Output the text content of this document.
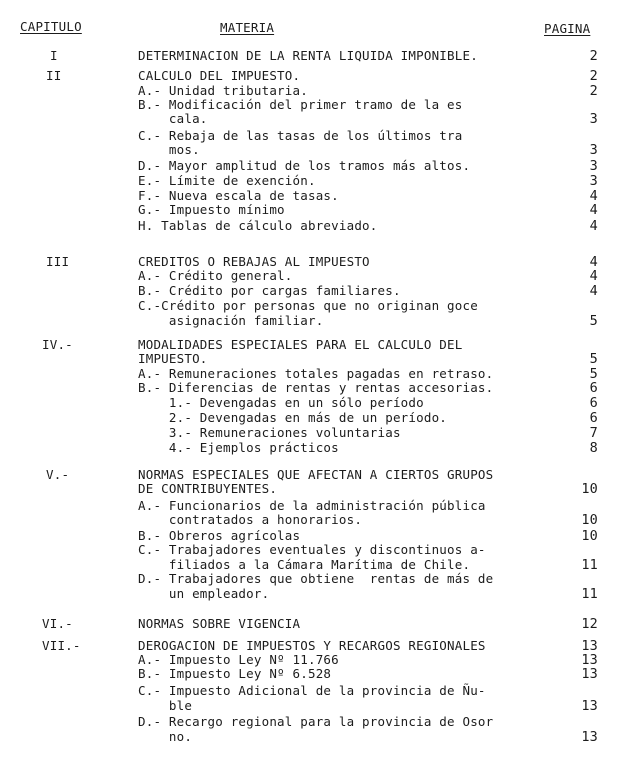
CAPITULO	MATERIA	PAGINA
I	DETERMINACION DE LA RENTA LIQUIDA IMPONIBLE.	2
II	CALCULO DEL IMPUESTO.	2
A.- Unidad tributaria.	2
B.- Modificación del primer tramo de la es
cala.	3
C.- Rebaja de las tasas de los últimos tra
mos.	3
D.- Mayor amplitud de los tramos más altos.	3
E.- Límite de exención.	3
F.- Nueva escala de tasas.	4
G.- Impuesto mínimo	4
H. Tablas de cálculo abreviado.	4
III	CREDITOS O REBAJAS AL IMPUESTO	4
A.- Crédito general.	4
B.- Crédito por cargas familiares.	4
C.-Crédito por personas que no originan goce
asignación familiar.	5
IV.-	MODALIDADES ESPECIALES PARA EL CALCULO DEL
IMPUESTO.	5
A.- Remuneraciones totales pagadas en retraso.	5
B.- Diferencias de rentas y rentas accesorias.	6
1.- Devengadas en un sólo período	6
2.- Devengadas en más de un período.	6
3.- Remuneraciones voluntarias	7
4.- Ejemplos prácticos	8
V.-	NORMAS ESPECIALES QUE AFECTAN A CIERTOS GRUPOS
DE CONTRIBUYENTES.	10
A.- Funcionarios de la administración pública
contratados a honorarios.	10
B.- Obreros agrícolas	10
C.- Trabajadores eventuales y discontinuos a-
filiados a la Cámara Marítima de Chile.	11
D.- Trabajadores que obtiene  rentas de más de
un empleador.	11
VI.-	NORMAS SOBRE VIGENCIA	12
VII.-	DEROGACION DE IMPUESTOS Y RECARGOS REGIONALES	13
A.- Impuesto Ley Nº 11.766	13
B.- Impuesto Ley Nº 6.528	13
C.- Impuesto Adicional de la provincia de Ñu-
ble	13
D.- Recargo regional para la provincia de Osor
no.	13
